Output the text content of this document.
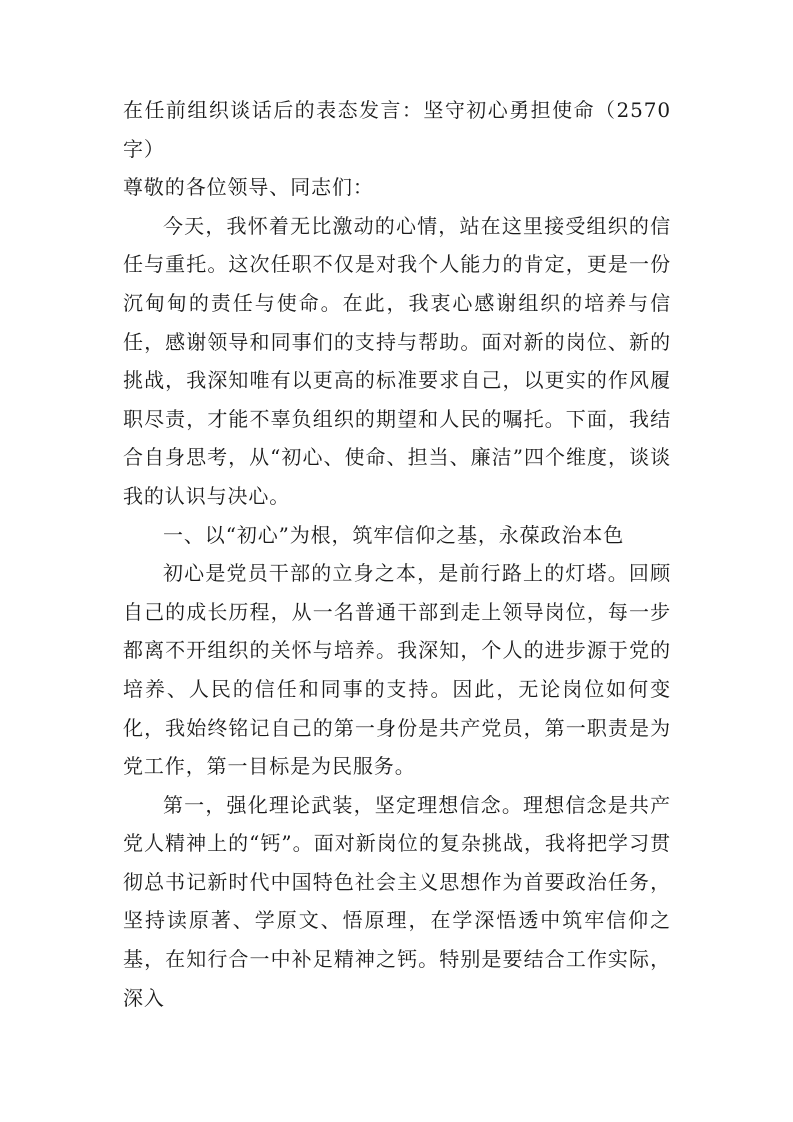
在任前组织谈话后的表态发言：坚守初心勇担使命（2570字）

尊敬的各位领导、同志们：

今天，我怀着无比激动的心情，站在这里接受组织的信任与重托。这次任职不仅是对我个人能力的肯定，更是一份沉甸甸的责任与使命。在此，我衷心感谢组织的培养与信任，感谢领导和同事们的支持与帮助。面对新的岗位、新的挑战，我深知唯有以更高的标准要求自己，以更实的作风履职尽责，才能不辜负组织的期望和人民的嘱托。下面，我结合自身思考，从“初心、使命、担当、廉洁”四个维度，谈谈我的认识与决心。

一、以“初心”为根，筑牢信仰之基，永葆政治本色

初心是党员干部的立身之本，是前行路上的灯塔。回顾自己的成长历程，从一名普通干部到走上领导岗位，每一步都离不开组织的关怀与培养。我深知，个人的进步源于党的培养、人民的信任和同事的支持。因此，无论岗位如何变化，我始终铭记自己的第一身份是共产党员，第一职责是为党工作，第一目标是为民服务。

第一，强化理论武装，坚定理想信念。理想信念是共产党人精神上的“钙”。面对新岗位的复杂挑战，我将把学习贯彻总书记新时代中国特色社会主义思想作为首要政治任务，坚持读原著、学原文、悟原理，在学深悟透中筑牢信仰之基，在知行合一中补足精神之钙。特别是要结合工作实际，深入
